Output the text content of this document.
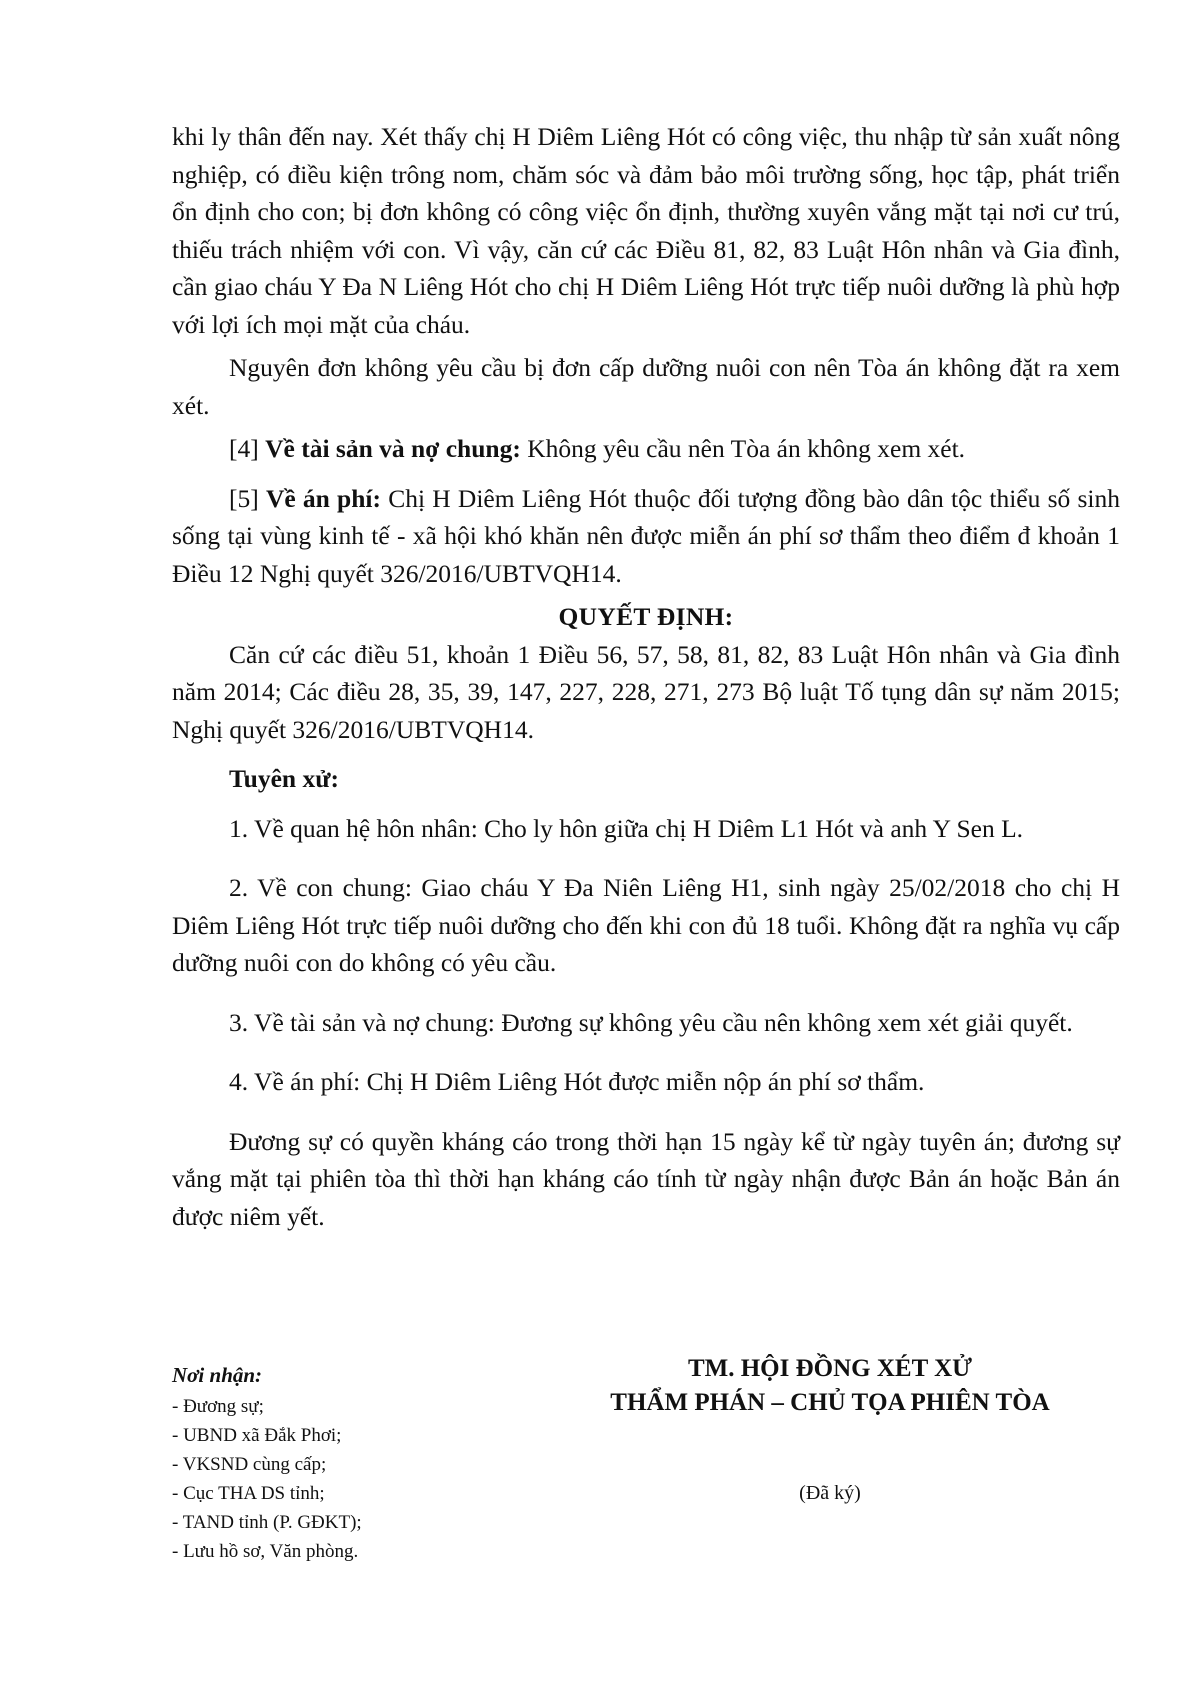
khi ly thân đến nay. Xét thấy chị H Diêm Liêng Hót có công việc, thu nhập từ sản xuất nông nghiệp, có điều kiện trông nom, chăm sóc và đảm bảo môi trường sống, học tập, phát triển ổn định cho con; bị đơn không có công việc ổn định, thường xuyên vắng mặt tại nơi cư trú, thiếu trách nhiệm với con. Vì vậy, căn cứ các Điều 81, 82, 83 Luật Hôn nhân và Gia đình, cần giao cháu Y Đa N Liêng Hót cho chị H Diêm Liêng Hót trực tiếp nuôi dưỡng là phù hợp với lợi ích mọi mặt của cháu.

Nguyên đơn không yêu cầu bị đơn cấp dưỡng nuôi con nên Tòa án không đặt ra xem xét.

[4] Về tài sản và nợ chung: Không yêu cầu nên Tòa án không xem xét.

[5] Về án phí: Chị H Diêm Liêng Hót thuộc đối tượng đồng bào dân tộc thiểu số sinh sống tại vùng kinh tế - xã hội khó khăn nên được miễn án phí sơ thẩm theo điểm đ khoản 1 Điều 12 Nghị quyết 326/2016/UBTVQH14.

QUYẾT ĐỊNH:

Căn cứ các điều 51, khoản 1 Điều 56, 57, 58, 81, 82, 83 Luật Hôn nhân và Gia đình năm 2014; Các điều 28, 35, 39, 147, 227, 228, 271, 273 Bộ luật Tố tụng dân sự năm 2015; Nghị quyết 326/2016/UBTVQH14.

Tuyên xử:

1. Về quan hệ hôn nhân: Cho ly hôn giữa chị H Diêm L1 Hót và anh Y Sen L.

2. Về con chung: Giao cháu Y Đa Niên Liêng H1, sinh ngày 25/02/2018 cho chị H Diêm Liêng Hót trực tiếp nuôi dưỡng cho đến khi con đủ 18 tuổi. Không đặt ra nghĩa vụ cấp dưỡng nuôi con do không có yêu cầu.

3. Về tài sản và nợ chung: Đương sự không yêu cầu nên không xem xét giải quyết.

4. Về án phí: Chị H Diêm Liêng Hót được miễn nộp án phí sơ thẩm.

Đương sự có quyền kháng cáo trong thời hạn 15 ngày kể từ ngày tuyên án; đương sự vắng mặt tại phiên tòa thì thời hạn kháng cáo tính từ ngày nhận được Bản án hoặc Bản án được niêm yết.

Nơi nhận:
- Đương sự;
- UBND xã Đắk Phơi;
- VKSND cùng cấp;
- Cục THA DS tỉnh;
- TAND tỉnh (P. GĐKT);
- Lưu hồ sơ, Văn phòng.
TM. HỘI ĐỒNG XÉT XỬ
THẨM PHÁN – CHỦ TỌA PHIÊN TÒA
(Đã ký)
